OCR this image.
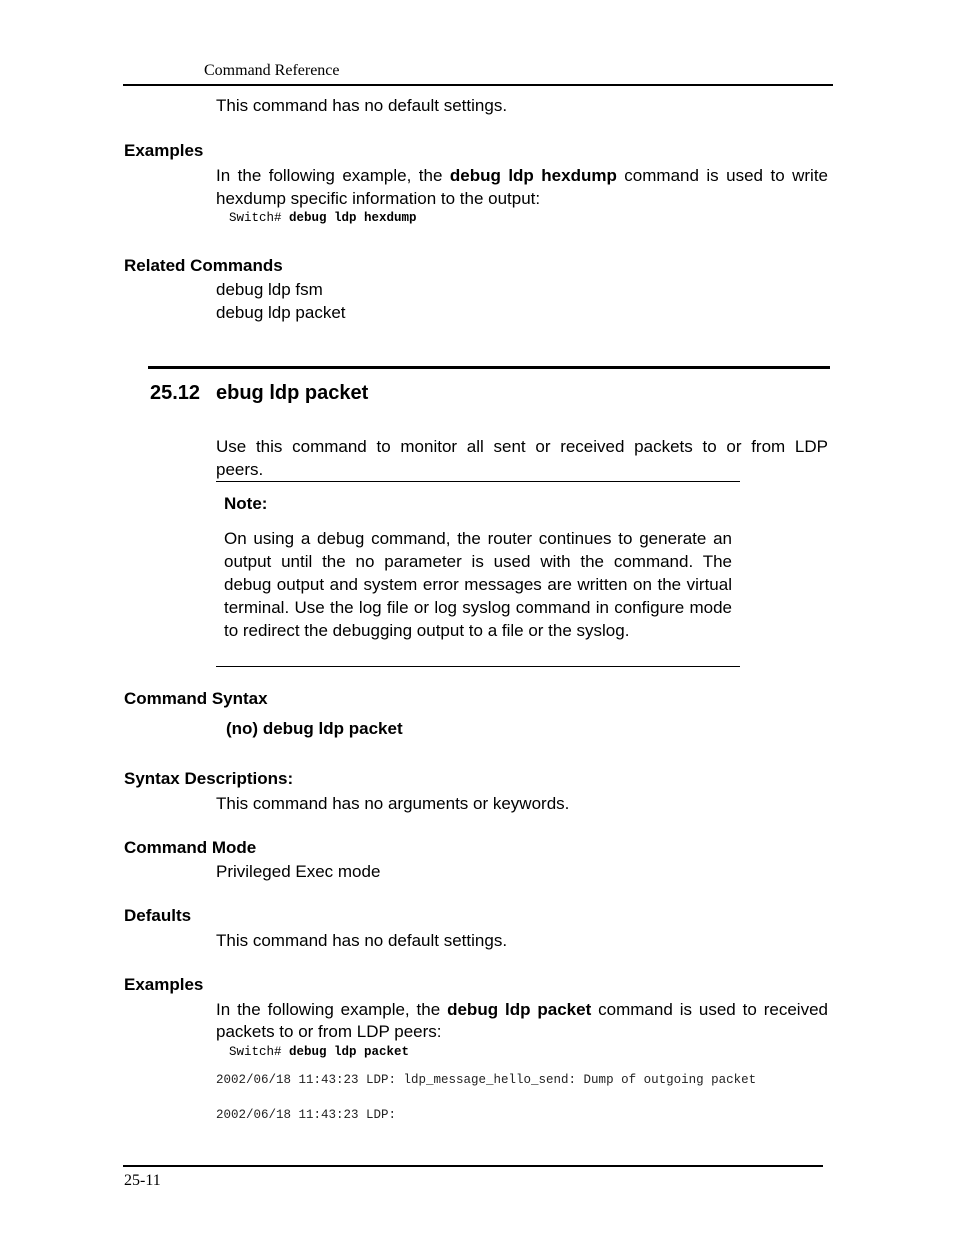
Command Reference
This command has no default settings.
Examples
In the following example, the debug ldp hexdump command is used to write
hexdump specific information to the output:
Switch# debug ldp hexdump
Related Commands
debug ldp fsm
debug ldp packet
25.12 ebug ldp packet
Use this command to monitor all sent or received packets to or from LDP
peers.
Note:
On using a debug command, the router continues to generate an output until the no parameter is used with the command. The debug output and system error messages are written on the virtual terminal. Use the log file or log syslog command in configure mode to redirect the debugging output to a file or the syslog.
Command Syntax
(no) debug ldp packet
Syntax Descriptions:
This command has no arguments or keywords.
Command Mode
Privileged Exec mode
Defaults
This command has no default settings.
Examples
In the following example, the debug ldp packet command is used to received
packets to or from LDP peers:
Switch# debug ldp packet
2002/06/18 11:43:23 LDP: ldp_message_hello_send: Dump of outgoing packet
2002/06/18 11:43:23 LDP:
25-11
